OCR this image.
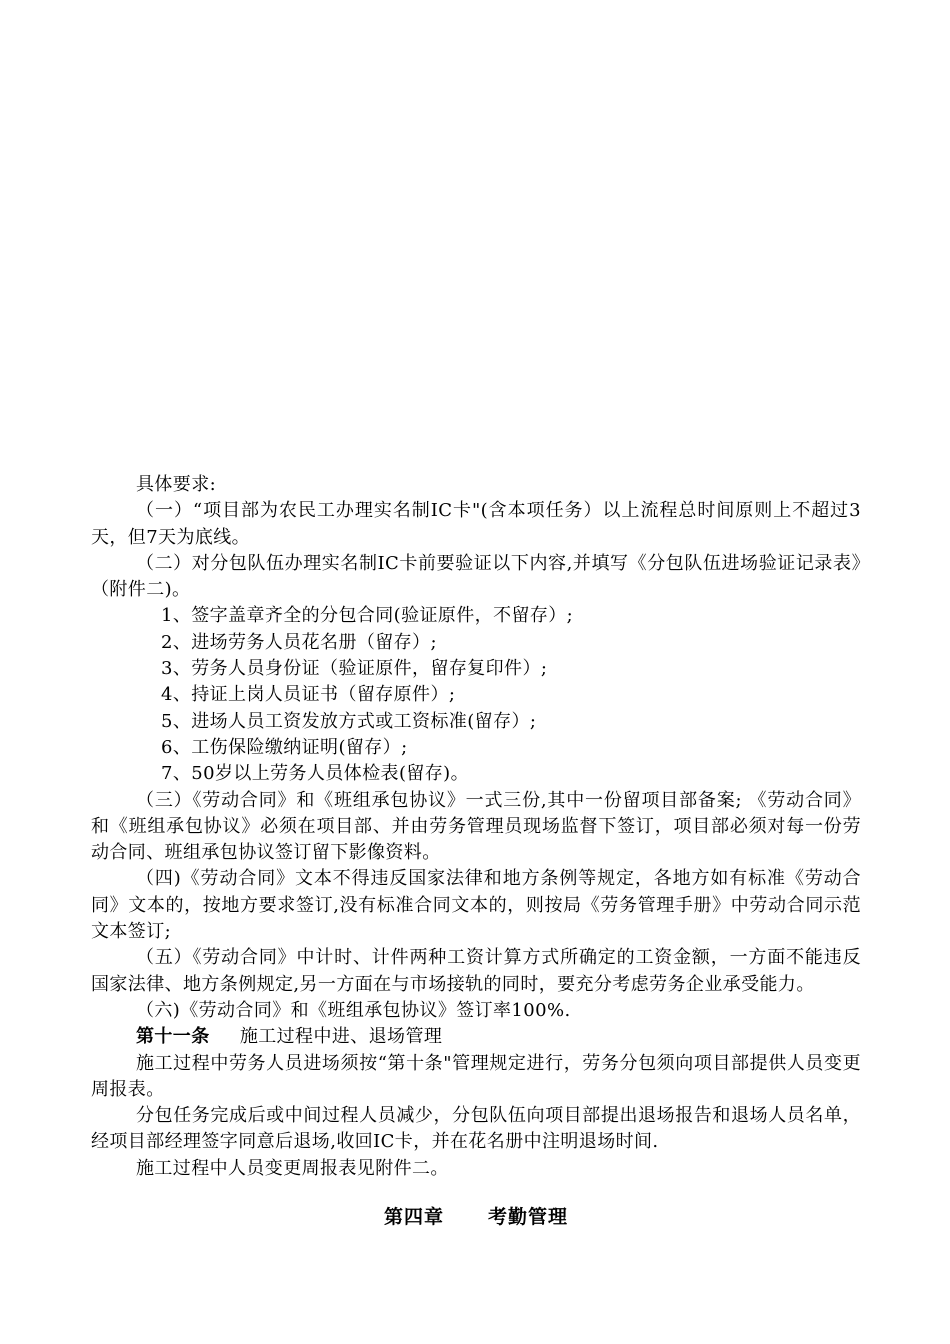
具体要求:

（一）“项目部为农民工办理实名制IC卡"(含本项任务）以上流程总时间原则上不超过3天，但7天为底线。

（二）对分包队伍办理实名制IC卡前要验证以下内容,并填写《分包队伍进场验证记录表》（附件二)。

1、签字盖章齐全的分包合同(验证原件，不留存）;

2、进场劳务人员花名册（留存）;

3、劳务人员身份证（验证原件，留存复印件）;

4、持证上岗人员证书（留存原件）;

5、进场人员工资发放方式或工资标准(留存）;

6、工伤保险缴纳证明(留存）;

7、50岁以上劳务人员体检表(留存)。

（三）《劳动合同》和《班组承包协议》一式三份,其中一份留项目部备案; 《劳动合同》和《班组承包协议》必须在项目部、并由劳务管理员现场监督下签订，项目部必须对每一份劳动合同、班组承包协议签订留下影像资料。

（四)《劳动合同》文本不得违反国家法律和地方条例等规定，各地方如有标准《劳动合同》文本的，按地方要求签订,没有标准合同文本的，则按局《劳务管理手册》中劳动合同示范文本签订;

（五）《劳动合同》中计时、计件两种工资计算方式所确定的工资金额，一方面不能违反国家法律、地方条例规定,另一方面在与市场接轨的同时，要充分考虑劳务企业承受能力。

（六)《劳动合同》和《班组承包协议》签订率100%.

第十一条 施工过程中进、退场管理

施工过程中劳务人员进场须按“第十条"管理规定进行，劳务分包须向项目部提供人员变更周报表。

分包任务完成后或中间过程人员减少，分包队伍向项目部提出退场报告和退场人员名单，经项目部经理签字同意后退场,收回IC卡，并在花名册中注明退场时间.

施工过程中人员变更周报表见附件二。

第四章 考勤管理
